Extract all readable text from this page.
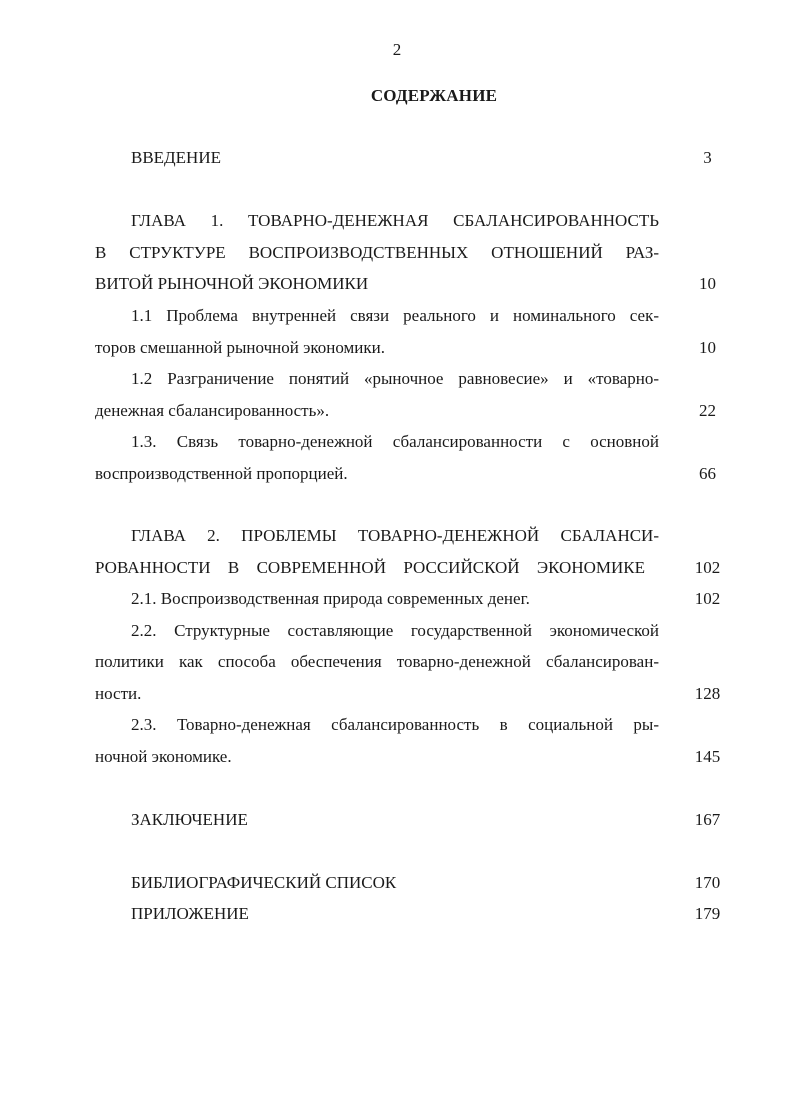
2
СОДЕРЖАНИЕ
ВВЕДЕНИЕ	3
ГЛАВА 1. ТОВАРНО-ДЕНЕЖНАЯ СБАЛАНСИРОВАННОСТЬ
В СТРУКТУРЕ ВОСПРОИЗВОДСТВЕННЫХ ОТНОШЕНИЙ РАЗ-
ВИТОЙ РЫНОЧНОЙ ЭКОНОМИКИ	10
1.1 Проблема внутренней связи реального и номинального сек-
торов смешанной рыночной экономики.	10
1.2 Разграничение понятий «рыночное равновесие» и «товарно-
денежная сбалансированность».	22
1.3. Связь товарно-денежной сбалансированности с основной
воспроизводственной пропорцией.	66
ГЛАВА 2. ПРОБЛЕМЫ ТОВАРНО-ДЕНЕЖНОЙ СБАЛАНСИ-
РОВАННОСТИ В СОВРЕМЕННОЙ РОССИЙСКОЙ ЭКОНОМИКЕ	102
2.1. Воспроизводственная природа современных денег.	102
2.2. Структурные составляющие государственной экономической
политики как способа обеспечения товарно-денежной сбалансирован-
ности.	128
2.3. Товарно-денежная сбалансированность в социальной ры-
ночной экономике.	145
ЗАКЛЮЧЕНИЕ	167
БИБЛИОГРАФИЧЕСКИЙ СПИСОК	170
ПРИЛОЖЕНИЕ	179
